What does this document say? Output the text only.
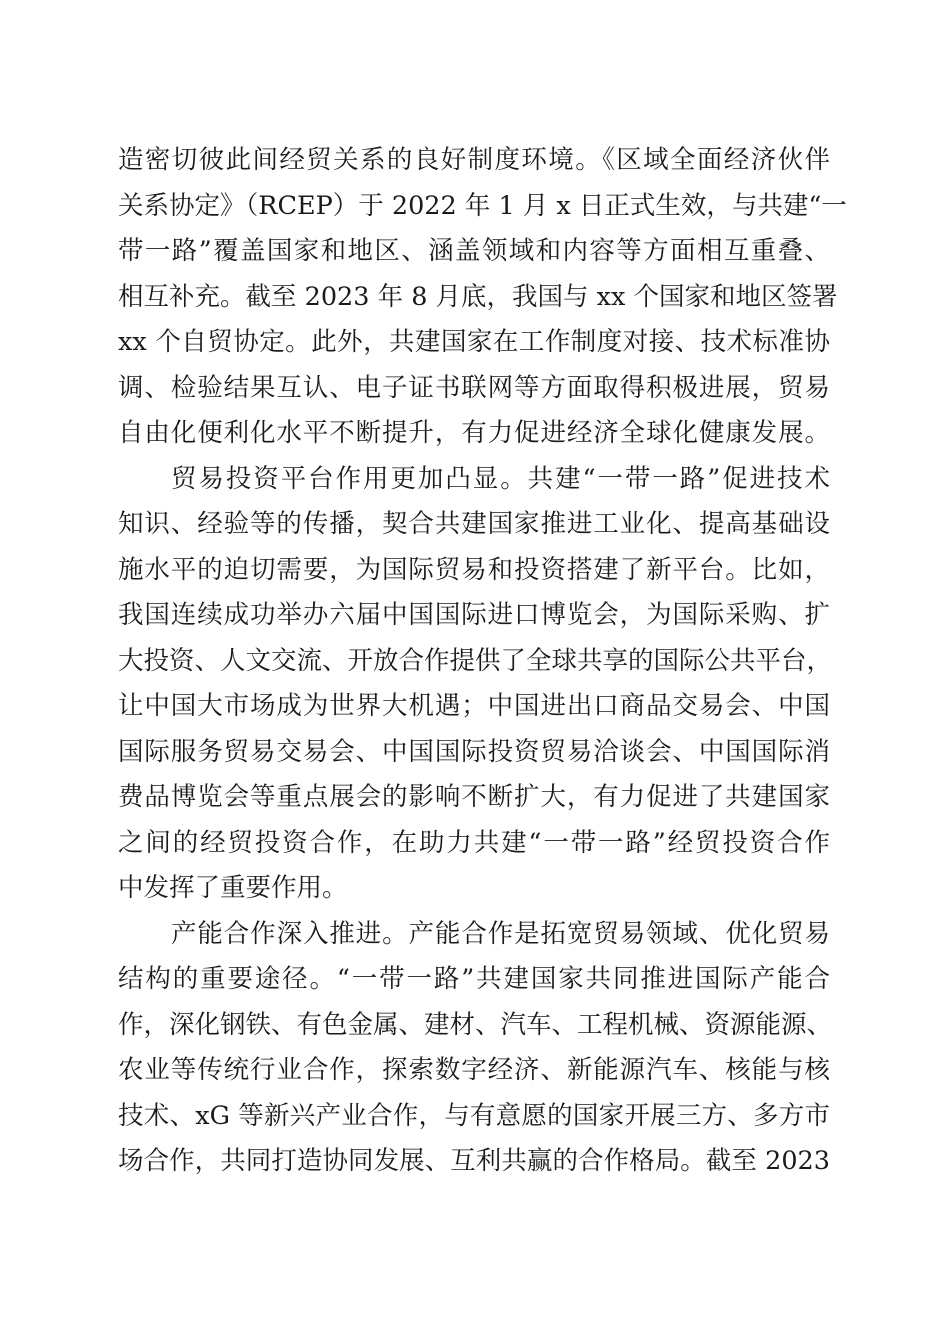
造密切彼此间经贸关系的良好制度环境。《区域全面经济伙伴
关系协定》（RCEP）于 2022 年 1 月 x 日正式生效，与共建“一
带一路”覆盖国家和地区、涵盖领域和内容等方面相互重叠、
相互补充。截至 2023 年 8 月底，我国与 xx 个国家和地区签署
xx 个自贸协定。此外，共建国家在工作制度对接、技术标准协
调、检验结果互认、电子证书联网等方面取得积极进展，贸易
自由化便利化水平不断提升，有力促进经济全球化健康发展。
贸易投资平台作用更加凸显。共建“一带一路”促进技术
知识、经验等的传播，契合共建国家推进工业化、提高基础设
施水平的迫切需要，为国际贸易和投资搭建了新平台。比如，
我国连续成功举办六届中国国际进口博览会，为国际采购、扩
大投资、人文交流、开放合作提供了全球共享的国际公共平台，
让中国大市场成为世界大机遇；中国进出口商品交易会、中国
国际服务贸易交易会、中国国际投资贸易洽谈会、中国国际消
费品博览会等重点展会的影响不断扩大，有力促进了共建国家
之间的经贸投资合作，在助力共建“一带一路”经贸投资合作
中发挥了重要作用。
产能合作深入推进。产能合作是拓宽贸易领域、优化贸易
结构的重要途径。“一带一路”共建国家共同推进国际产能合
作，深化钢铁、有色金属、建材、汽车、工程机械、资源能源、
农业等传统行业合作，探索数字经济、新能源汽车、核能与核
技术、xG 等新兴产业合作，与有意愿的国家开展三方、多方市
场合作，共同打造协同发展、互利共赢的合作格局。截至 2023
